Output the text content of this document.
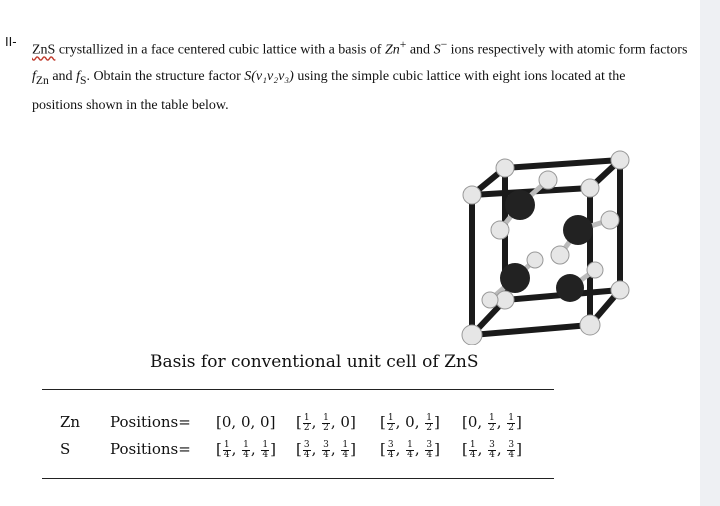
II-
ZnS crystallized in a face centered cubic lattice with a basis of Zn+ and S− ions respectively with atomic form factors
$f_{Zn}$ and $f_S$. Obtain the structure factor S(v₁v₂v₃) using the simple cubic lattice with eight ions located at the
positions shown in the table below.
Basis for conventional unit cell of ZnS
Zn	Positions= [0, 0, 0] [ $\frac{1}{2}$ , $\frac{1}{2}$ , 0] [ $\frac{1}{2}$ , 0, $\frac{1}{2}$ ] [0, $\frac{1}{2}$ , $\frac{1}{2}$ ]
S	Positions= [ $\frac{1}{4}$ , $\frac{1}{4}$ , $\frac{1}{4}$ ] [ $\frac{3}{4}$ , $\frac{3}{4}$ , $\frac{1}{4}$ ] [ $\frac{3}{4}$ , $\frac{1}{4}$ , $\frac{3}{4}$ ] [ $\frac{1}{4}$ , $\frac{3}{4}$ , $\frac{3}{4}$ ]
